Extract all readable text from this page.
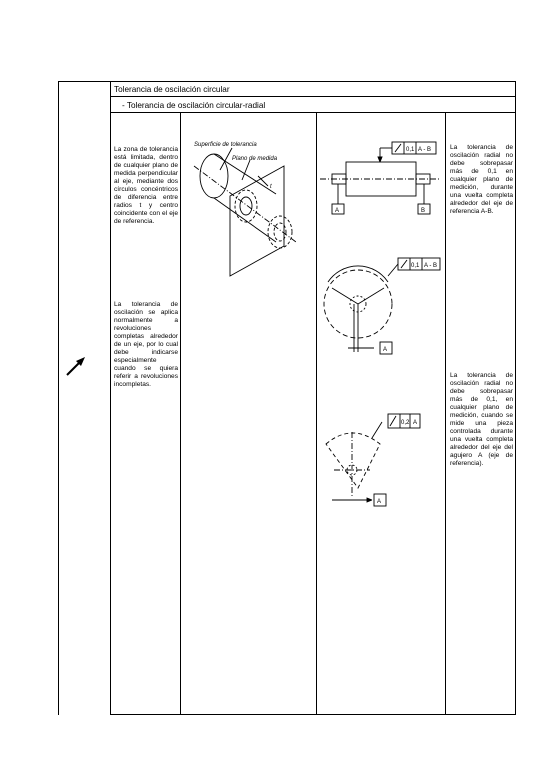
Tolerancia de oscilación circular
- Tolerancia de oscilación circular-radial
La zona de tolerancia está limitada, dentro de cualquier plano de medida perpendicular al eje, mediante dos círculos concéntricos de diferencia entre radios t y centro coincidente con el eje de referencia.
La tolerancia de oscilación se aplica normalmente a revoluciones completas alrededor de un eje, por lo cual debe indicarse especialmente cuando se quiera referir a revoluciones incompletas.
Superficie de tolerancia
Plano de medida
t
0,1 A - B
A	B
0,1 A - B
A
0,2 A
A
La tolerancia de oscilación radial no debe sobrepasar más de 0,1 en cualquier plano de medición, durante una vuelta completa alrededor del eje de referencia A-B.
La tolerancia de oscilación radial no debe sobrepasar más de 0,1, en cualquier plano de medición, cuando se mide una pieza controlada durante una vuelta completa alrededor del eje del agujero A (eje de referencia).
